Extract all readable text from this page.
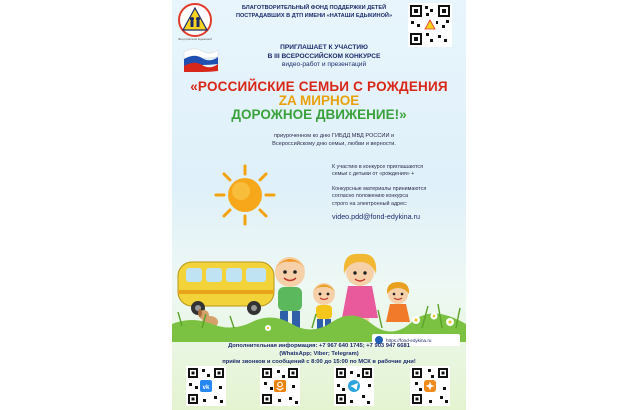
Фонд Наташи Едыкиной
БЛАГОТВОРИТЕЛЬНЫЙ ФОНД ПОДДЕРЖКИ ДЕТЕЙ
ПОСТРАДАВШИХ В ДТП ИМЕНИ «НАТАШИ ЕДЫКИНОЙ»
ПРИГЛАШАЕТ К УЧАСТИЮ
В III ВСЕРОССИЙСКОМ КОНКУРСЕ
видео-работ и презентаций
«РОССИЙСКИЕ СЕМЬИ С РОЖДЕНИЯ
ZA МИРНОЕ
ДОРОЖНОЕ ДВИЖЕНИЕ!»
приуроченном ко дню ГИБДД МВД РОССИИ и
Всероссийскому дню семьи, любви и верности.
К участию в конкурсе приглашаются
семьи с детьми от «рождения» +
Конкурсные материалы принимаются
согласно положению конкурса
строго на электронный адрес:
video.pdd@fond-edykina.ru
https://fond-edykina.ru
Дополнительная информация: +7 967 640 1745; +7 903 947 6681
(WhatsApp; Viber; Telegram)
приём звонков и сообщений с 8:00 до 15:00 по МСК в рабочие дни!
vk
